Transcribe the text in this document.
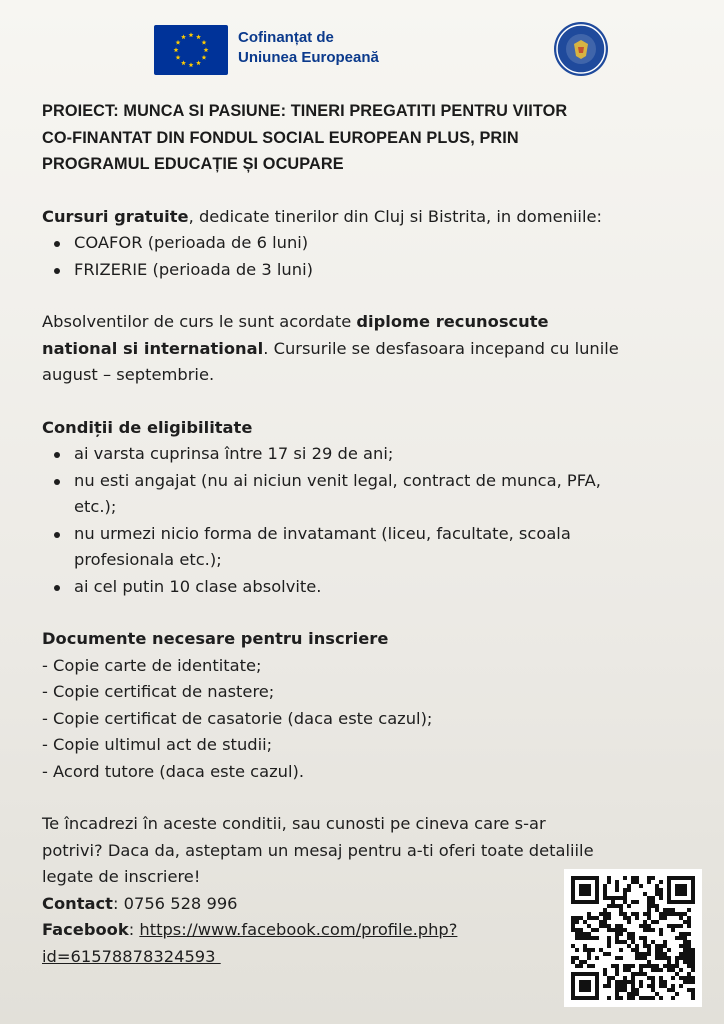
Cofinanțat de
Uniunea Europeană
PROIECT: MUNCA SI PASIUNE: TINERI PREGATITI PENTRU VIITOR
CO-FINANTAT DIN FONDUL SOCIAL EUROPEAN PLUS, PRIN
PROGRAMUL EDUCAȚIE ȘI OCUPARE

Cursuri gratuite, dedicate tinerilor din Cluj si Bistrita, in domeniile:

COAFOR (perioada de 6 luni)
FRIZERIE (perioada de 3 luni)

Absolventilor de curs le sunt acordate diplome recunoscute
national si international. Cursurile se desfasoara incepand cu lunile
august – septembrie.

Condiții de eligibilitate

ai varsta cuprinsa între 17 si 29 de ani;
nu esti angajat (nu ai niciun venit legal, contract de munca, PFA,
etc.);
nu urmezi nicio forma de invatamant (liceu, facultate, scoala
profesionala etc.);
ai cel putin 10 clase absolvite.

Documente necesare pentru inscriere

- Copie carte de identitate;
- Copie certificat de nastere;
- Copie certificat de casatorie (daca este cazul);
- Copie ultimul act de studii;
- Acord tutore (daca este cazul).
Te încadrezi în aceste conditii, sau cunosti pe cineva care s-ar
potrivi? Daca da, asteptam un mesaj pentru a-ti oferi toate detaliile
legate de inscriere!
Contact: 0756 528 996
Facebook: https://www.facebook.com/profile.php?
id=61578878324593
